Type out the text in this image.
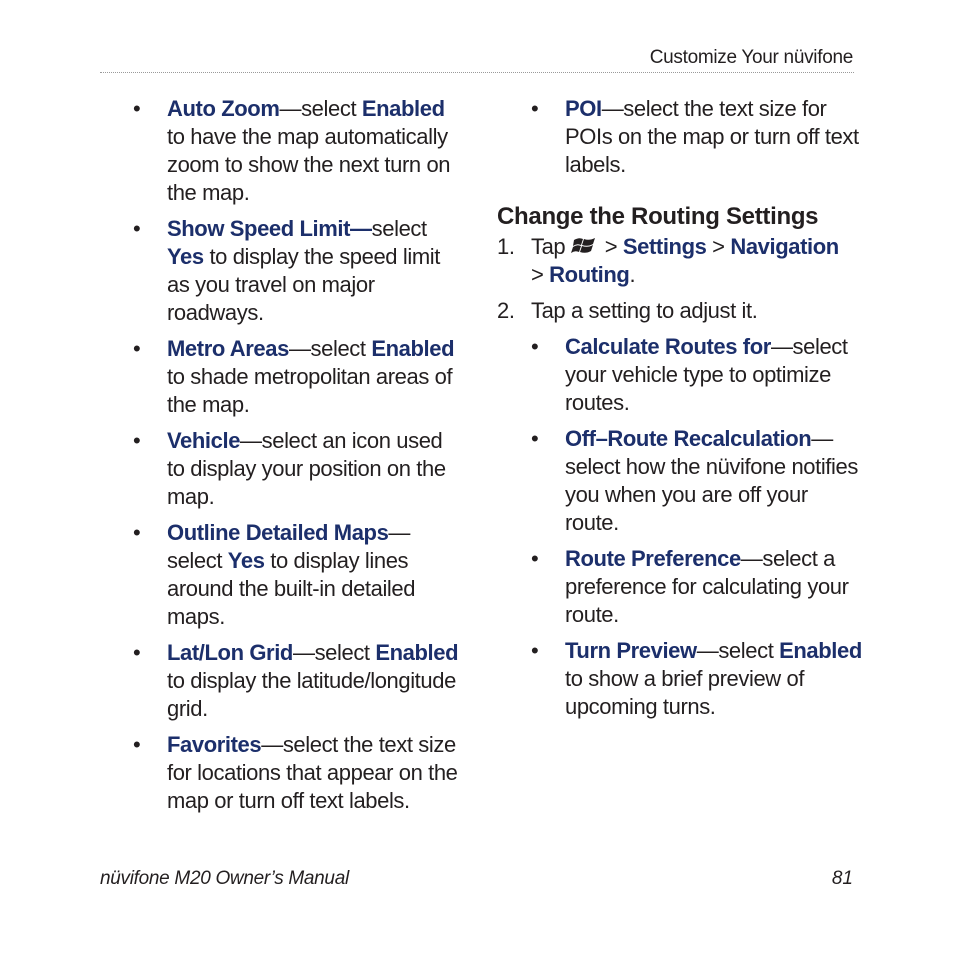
Customize Your nüvifone
• Auto Zoom—select Enabled to have the map automatically zoom to show the next turn on the map.
• Show Speed Limit—select Yes to display the speed limit as you travel on major roadways.
• Metro Areas—select Enabled to shade metropolitan areas of the map.
• Vehicle—select an icon used to display your position on the map.
• Outline Detailed Maps— select Yes to display lines around the built-in detailed maps.
• Lat/Lon Grid—select Enabled to display the latitude/longitude grid.
• Favorites—select the text size for locations that appear on the map or turn off text labels.
• POI—select the text size for POIs on the map or turn off text labels.
Change the Routing Settings
1. Tap  > Settings > Navigation
> Routing.
2. Tap a setting to adjust it.
• Calculate Routes for—select your vehicle type to optimize routes.
• Off–Route Recalculation— select how the nüvifone notifies you when you are off your route.
• Route Preference—select a preference for calculating your route.
• Turn Preview—select Enabled to show a brief preview of upcoming turns.
nüvifone M20 Owner’s Manual	81
